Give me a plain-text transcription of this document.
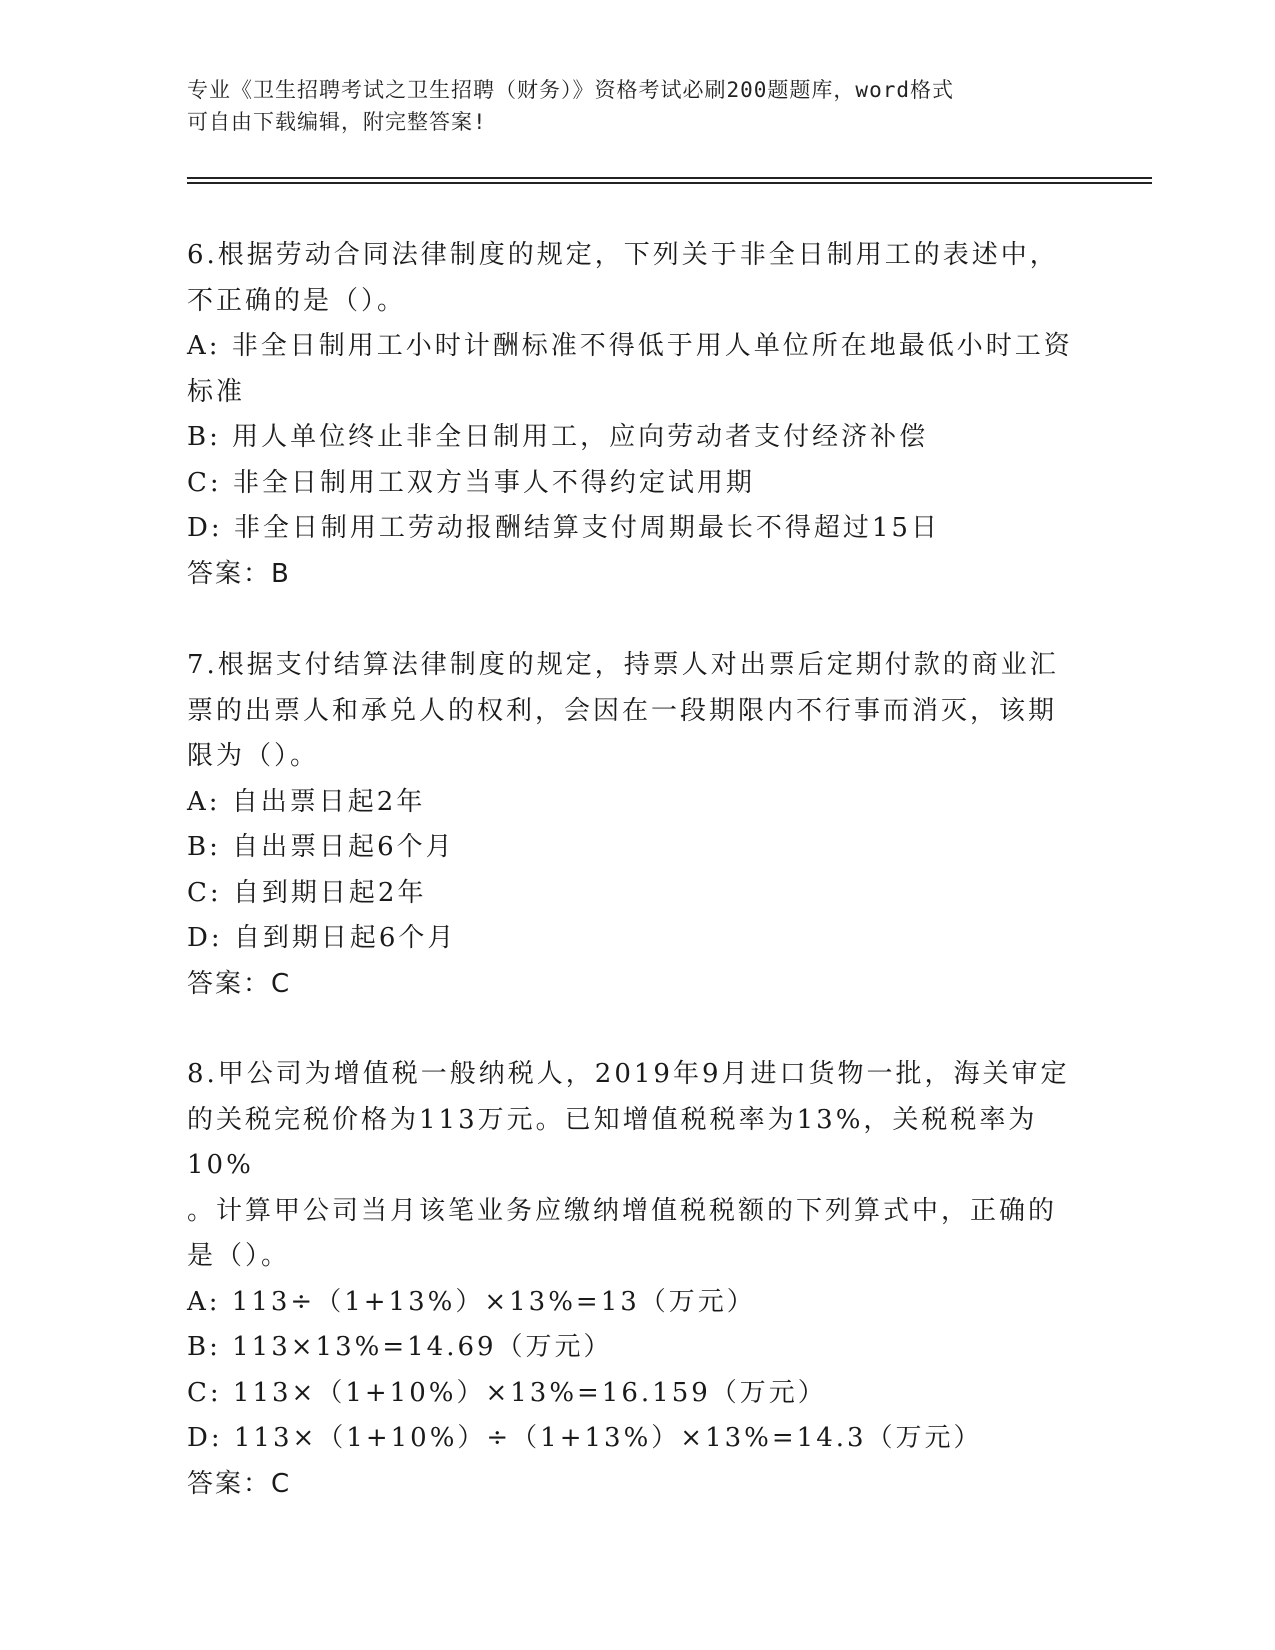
专业《卫生招聘考试之卫生招聘（财务）》资格考试必刷200题题库，word格式
可自由下载编辑，附完整答案!
6.根据劳动合同法律制度的规定，下列关于非全日制用工的表述中，
不正确的是（）。
A: 非全日制用工小时计酬标准不得低于用人单位所在地最低小时工资
标准
B: 用人单位终止非全日制用工，应向劳动者支付经济补偿
C: 非全日制用工双方当事人不得约定试用期
D: 非全日制用工劳动报酬结算支付周期最长不得超过15日
答案：B
7.根据支付结算法律制度的规定，持票人对出票后定期付款的商业汇
票的出票人和承兑人的权利，会因在一段期限内不行事而消灭，该期
限为（）。
A: 自出票日起2年
B: 自出票日起6个月
C: 自到期日起2年
D: 自到期日起6个月
答案：C
8.甲公司为增值税一般纳税人，2019年9月进口货物一批，海关审定
的关税完税价格为113万元。已知增值税税率为13%，关税税率为10%
。计算甲公司当月该笔业务应缴纳增值税税额的下列算式中，正确的
是（）。
A: 113÷（1+13%）×13%=13（万元）
B: 113×13%=14.69（万元）
C: 113×（1+10%）×13%=16.159（万元）
D: 113×（1+10%）÷（1+13%）×13%=14.3（万元）
答案：C
